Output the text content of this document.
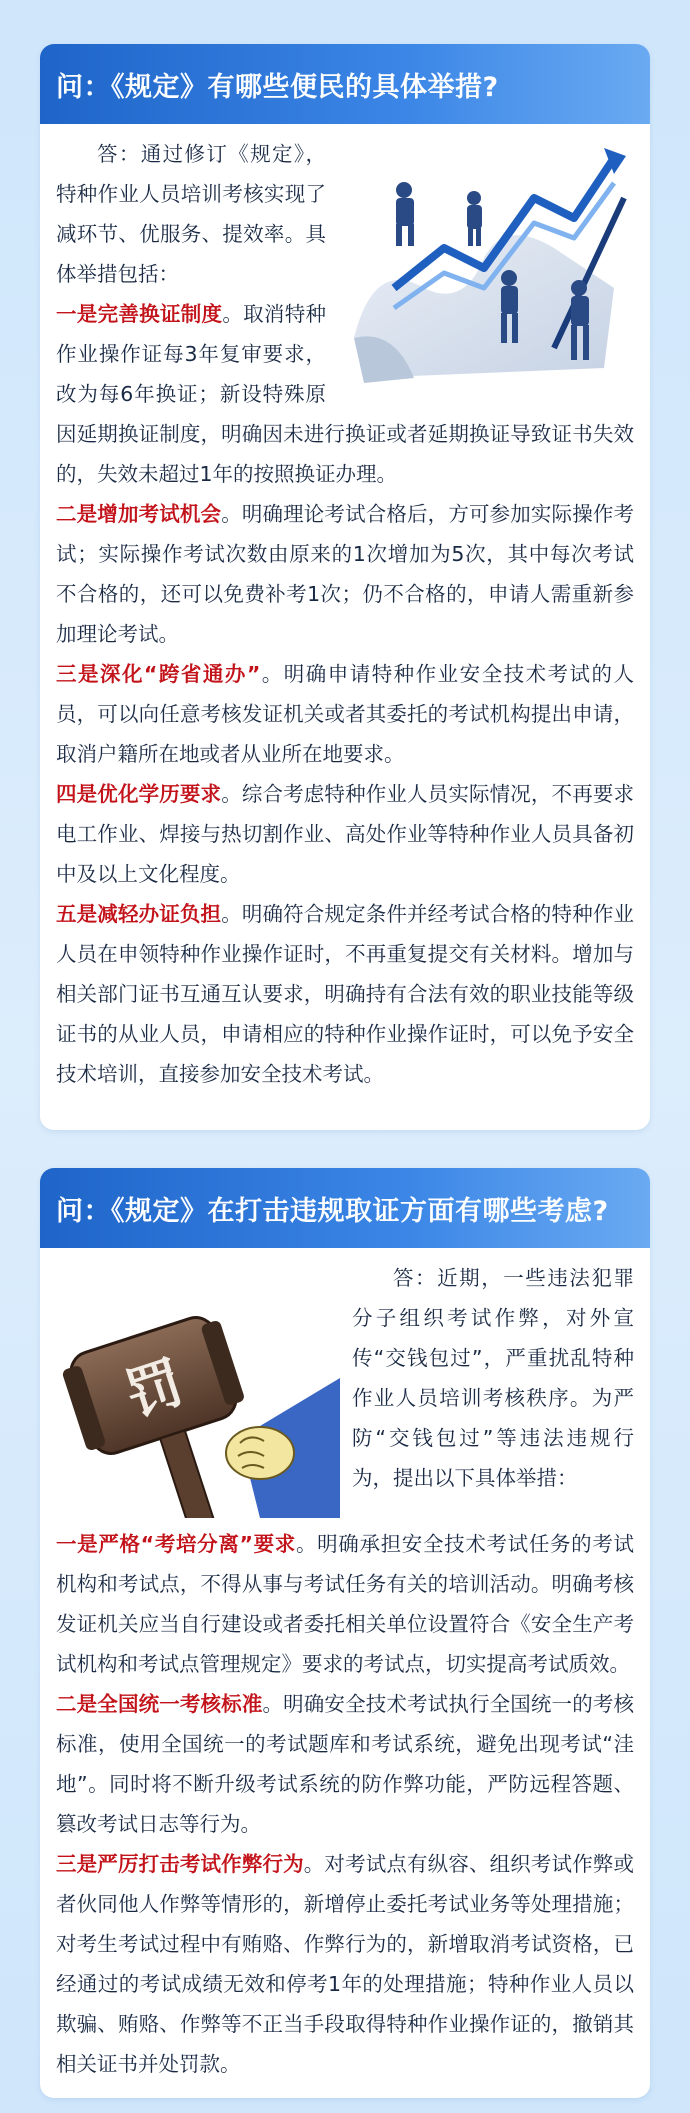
问：《规定》有哪些便民的具体举措?

答：通过修订《规定》，特种作业人员培训考核实现了减环节、优服务、提效率。具体举措包括：

一是完善换证制度。取消特种作业操作证每3年复审要求，改为每6年换证；新设特殊原因延期换证制度，明确因未进行换证或者延期换证导致证书失效的，失效未超过1年的按照换证办理。

二是增加考试机会。明确理论考试合格后，方可参加实际操作考试；实际操作考试次数由原来的1次增加为5次，其中每次考试不合格的，还可以免费补考1次；仍不合格的，申请人需重新参加理论考试。

三是深化“跨省通办”。明确申请特种作业安全技术考试的人员，可以向任意考核发证机关或者其委托的考试机构提出申请，取消户籍所在地或者从业所在地要求。

四是优化学历要求。综合考虑特种作业人员实际情况，不再要求电工作业、焊接与热切割作业、高处作业等特种作业人员具备初中及以上文化程度。

五是减轻办证负担。明确符合规定条件并经考试合格的特种作业人员在申领特种作业操作证时，不再重复提交有关材料。增加与相关部门证书互通互认要求，明确持有合法有效的职业技能等级证书的从业人员，申请相应的特种作业操作证时，可以免予安全技术培训，直接参加安全技术考试。

问：《规定》在打击违规取证方面有哪些考虑?
罚

答：近期，一些违法犯罪分子组织考试作弊，对外宣传“交钱包过”，严重扰乱特种作业人员培训考核秩序。为严防“交钱包过”等违法违规行为，提出以下具体举措：

一是严格“考培分离”要求。明确承担安全技术考试任务的考试机构和考试点，不得从事与考试任务有关的培训活动。明确考核发证机关应当自行建设或者委托相关单位设置符合《安全生产考试机构和考试点管理规定》要求的考试点，切实提高考试质效。

二是全国统一考核标准。明确安全技术考试执行全国统一的考核标准，使用全国统一的考试题库和考试系统，避免出现考试“洼地”。同时将不断升级考试系统的防作弊功能，严防远程答题、篡改考试日志等行为。

三是严厉打击考试作弊行为。对考试点有纵容、组织考试作弊或者伙同他人作弊等情形的，新增停止委托考试业务等处理措施；对考生考试过程中有贿赂、作弊行为的，新增取消考试资格，已经通过的考试成绩无效和停考1年的处理措施；特种作业人员以欺骗、贿赂、作弊等不正当手段取得特种作业操作证的，撤销其相关证书并处罚款。
